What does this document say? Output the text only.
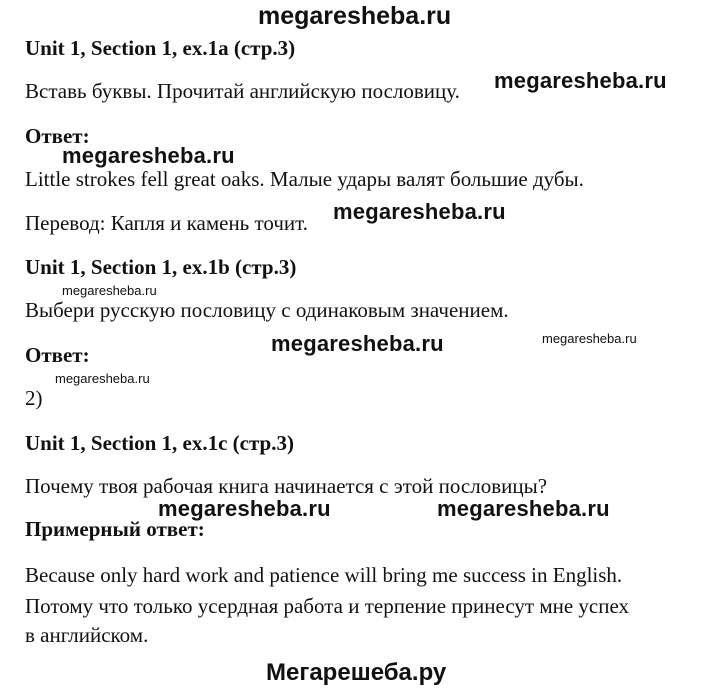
megaresheba.ru
Unit 1, Section 1, ex.1a (стр.3)
Вставь буквы. Прочитай английскую пословицу. megaresheba.ru
Ответ:
megaresheba.ru
Little strokes fell great oaks. Малые удары валят большие дубы.
Перевод: Капля и камень точит. megaresheba.ru
Unit 1, Section 1, ex.1b (стр.3)
megaresheba.ru
Выбери русскую пословицу с одинаковым значением.
Ответ:	megaresheba.ru	megaresheba.ru
megaresheba.ru
2)
Unit 1, Section 1, ex.1c (стр.3)
Почему твоя рабочая книга начинается с этой пословицы?
megaresheba.ru	megaresheba.ru
Примерный ответ:
Because only hard work and patience will bring me success in English.
Потому что только усердная работа и терпение принесут мне успех
в английском.
Мегарешеба.ру
